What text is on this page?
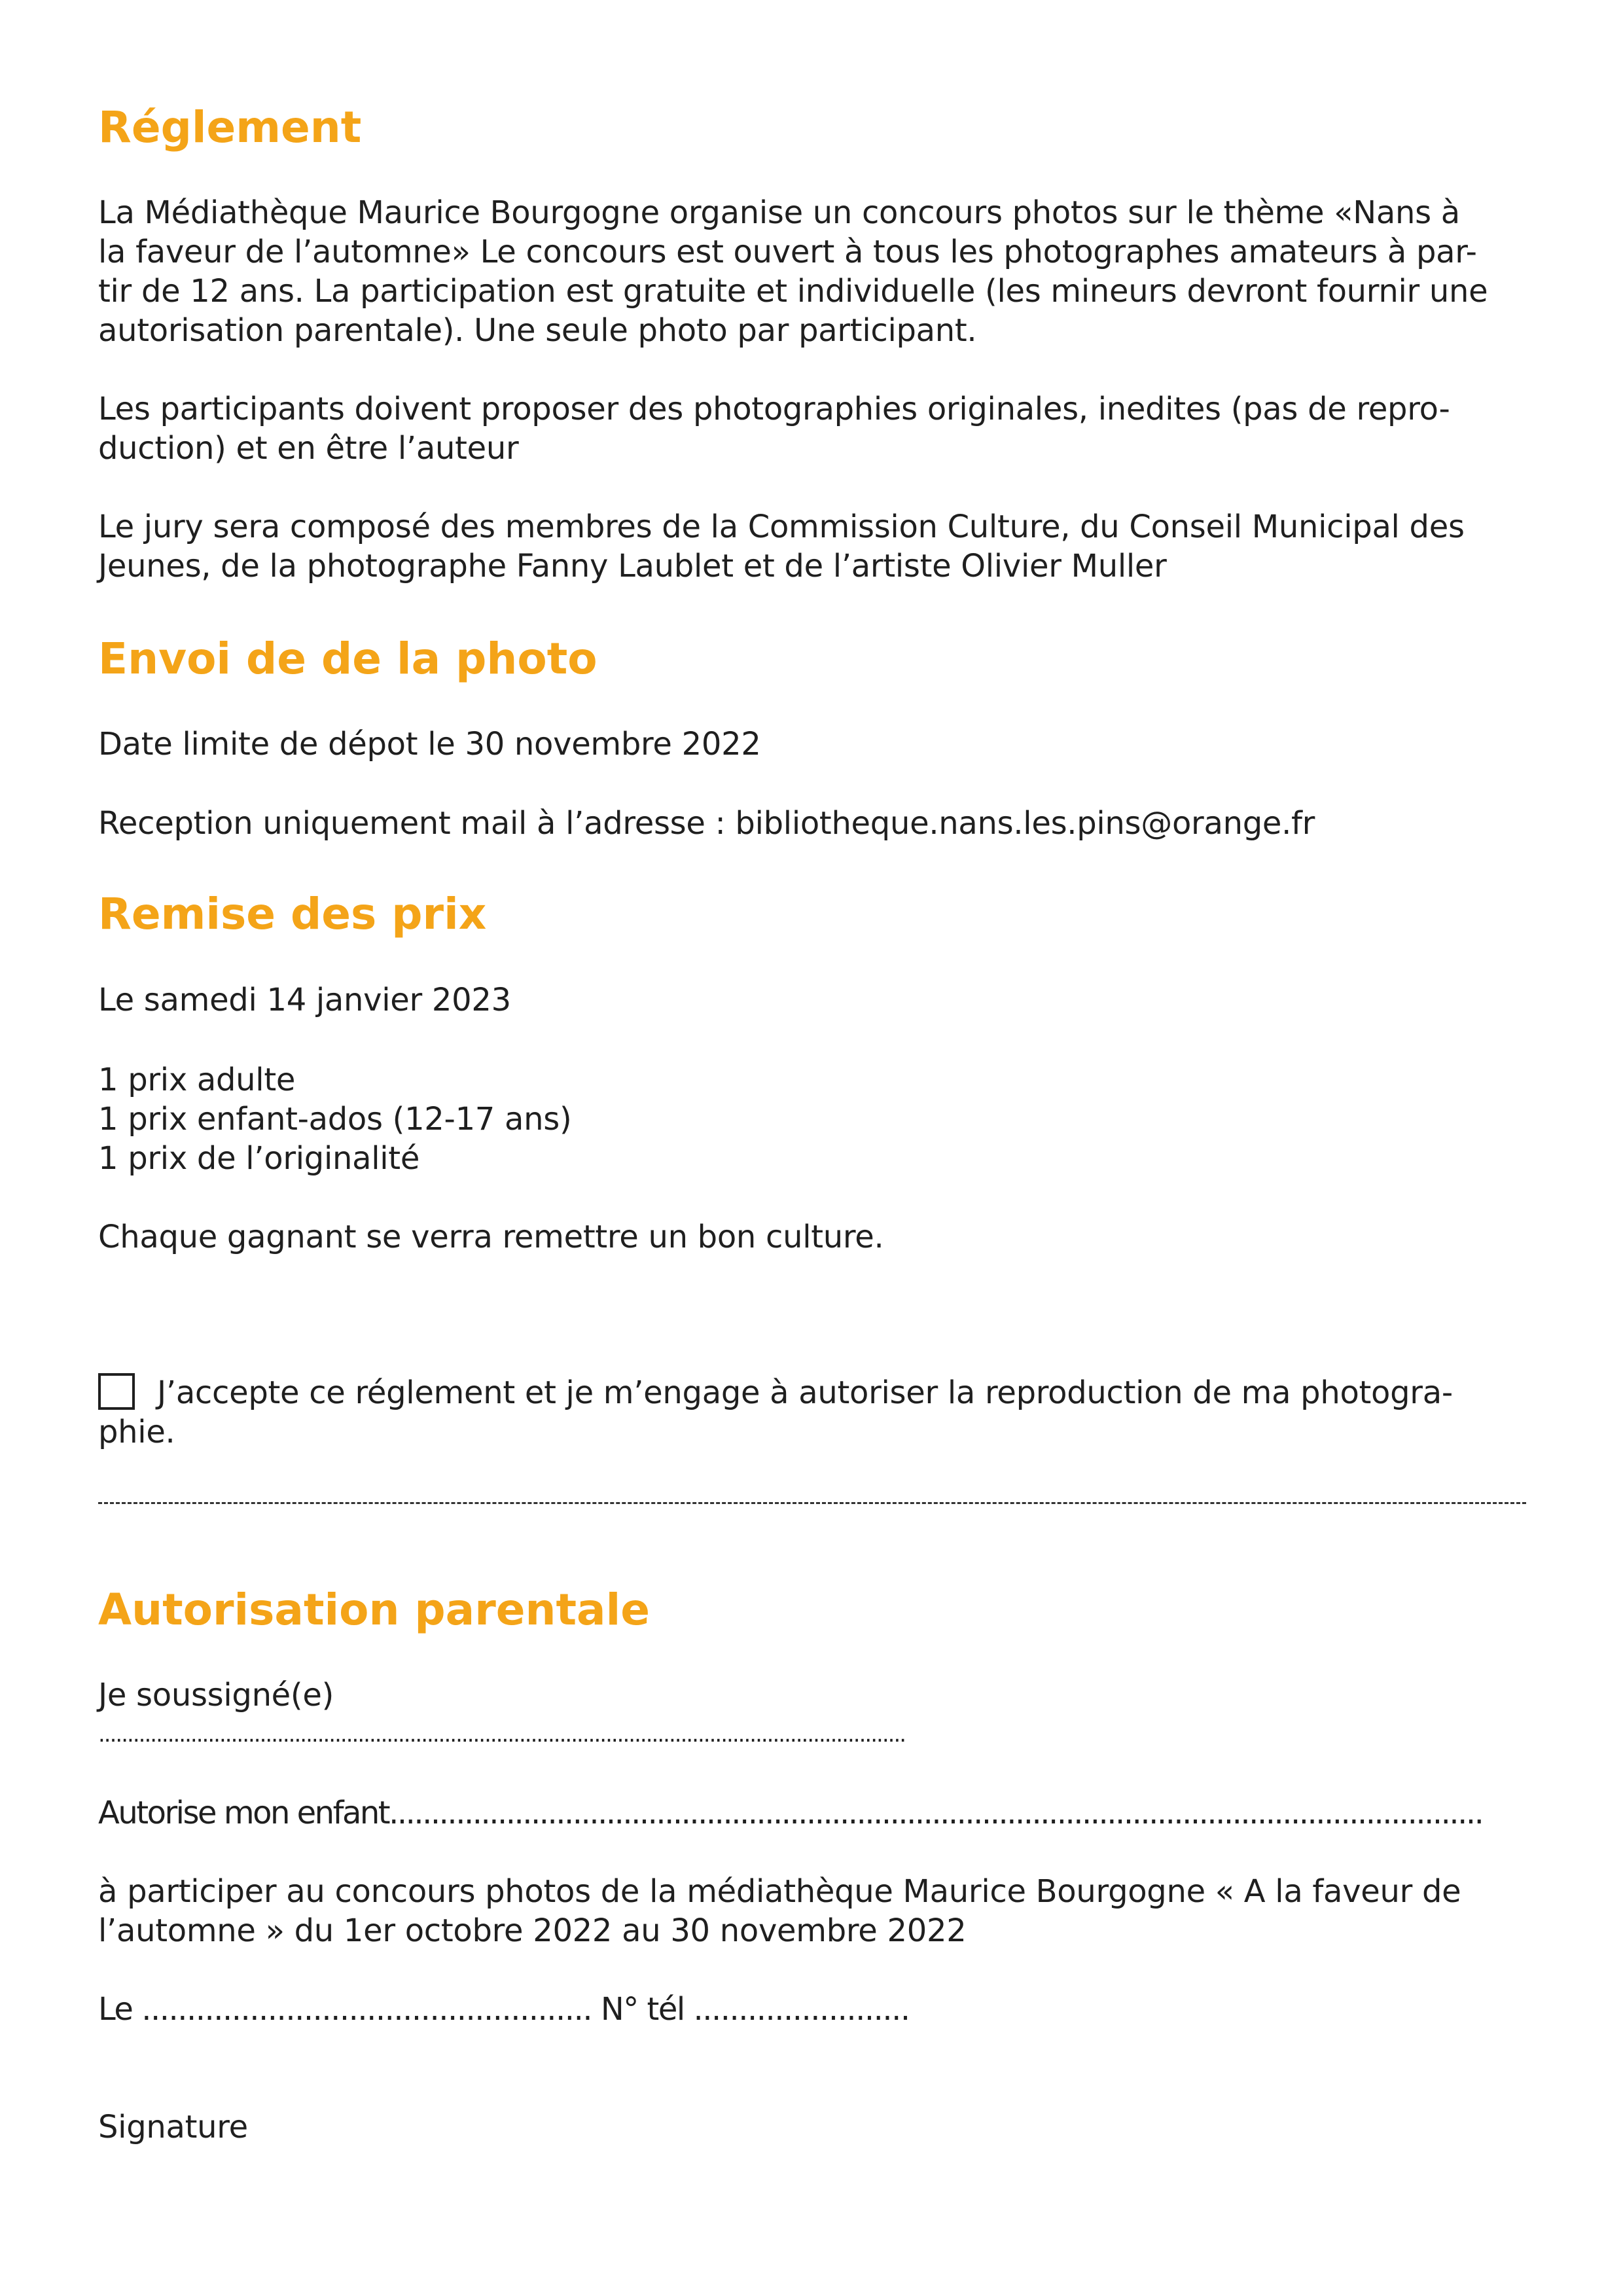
Réglement

La Médiathèque Maurice Bourgogne organise un concours photos sur le thème «Nans à
la faveur de l’automne» Le concours est ouvert à tous les photographes amateurs à par-
tir de 12 ans. La participation est gratuite et individuelle (les mineurs devront fournir une
autorisation parentale). Une seule photo par participant.

Les participants doivent proposer des photographies originales, inedites (pas de repro-
duction) et en être l’auteur

Le jury sera composé des membres de la Commission Culture, du Conseil Municipal des
Jeunes, de la photographe Fanny Laublet et de l’artiste Olivier Muller

Envoi de de la photo

Date limite de dépot le 30 novembre 2022

Reception uniquement mail à l’adresse : bibliotheque.nans.les.pins@orange.fr

Remise des prix

Le samedi 14 janvier 2023

1 prix adulte
1 prix enfant-ados (12-17 ans)
1 prix de l’originalité

Chaque gagnant se verra remettre un bon culture.

J’accepte ce réglement et je m’engage à autoriser la reproduction de ma photogra-
phie.

Autorisation parentale

Je soussigné(e)
............................................................................................................................................

Autorise mon enfant...................................................................................................................................

à participer au concours photos de la médiathèque Maurice Bourgogne « A la faveur de
l’automne » du 1er octobre 2022 au 30 novembre 2022

Le .................................................. N° tél ........................

Signature
